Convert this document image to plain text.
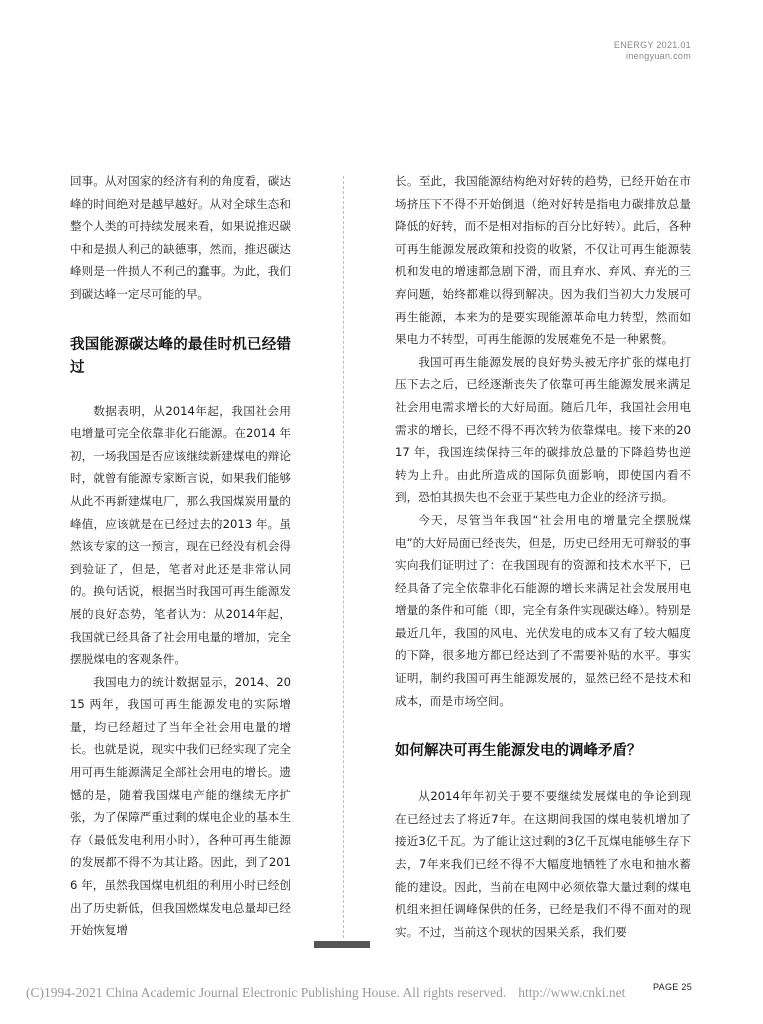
ENERGY 2021.01
inengyuan.com

回事。从对国家的经济有利的角度看，碳达峰的时间绝对是越早越好。从对全球生态和整个人类的可持续发展来看，如果说推迟碳中和是损人利己的缺德事，然而，推迟碳达峰则是一件损人不利己的蠢事。为此，我们到碳达峰一定尽可能的早。

我国能源碳达峰的最佳时机已经错过

数据表明，从2014年起，我国社会用电增量可完全依靠非化石能源。在2014 年初，一场我国是否应该继续新建煤电的辩论时，就曾有能源专家断言说，如果我们能够从此不再新建煤电厂，那么我国煤炭用量的峰值，应该就是在已经过去的2013 年。虽然该专家的这一预言，现在已经没有机会得到验证了，但是，笔者对此还是非常认同的。换句话说，根据当时我国可再生能源发展的良好态势，笔者认为：从2014年起，我国就已经具备了社会用电量的增加，完全摆脱煤电的客观条件。

我国电力的统计数据显示，2014、2015 两年，我国可再生能源发电的实际增量，均已经超过了当年全社会用电量的增长。也就是说，现实中我们已经实现了完全用可再生能源满足全部社会用电的增长。遗憾的是，随着我国煤电产能的继续无序扩张，为了保障严重过剩的煤电企业的基本生存（最低发电利用小时），各种可再生能源的发展都不得不为其让路。因此，到了2016 年，虽然我国煤电机组的利用小时已经创出了历史新低，但我国燃煤发电总量却已经开始恢复增

长。至此，我国能源结构绝对好转的趋势，已经开始在市场挤压下不得不开始倒退（绝对好转是指电力碳排放总量降低的好转，而不是相对指标的百分比好转）。此后，各种可再生能源发展政策和投资的收紧，不仅让可再生能源装机和发电的增速都急剧下滑，而且弃水、弃风、弃光的三弃问题，始终都难以得到解决。因为我们当初大力发展可再生能源，本来为的是要实现能源革命电力转型，然而如果电力不转型，可再生能源的发展难免不是一种累赘。

我国可再生能源发展的良好势头被无序扩张的煤电打压下去之后，已经逐渐丧失了依靠可再生能源发展来满足社会用电需求增长的大好局面。随后几年，我国社会用电需求的增长，已经不得不再次转为依靠煤电。接下来的2017 年，我国连续保持三年的碳排放总量的下降趋势也逆转为上升。由此所造成的国际负面影响，即使国内看不到，恐怕其损失也不会亚于某些电力企业的经济亏损。

今天，尽管当年我国“社会用电的增量完全摆脱煤电”的大好局面已经丧失，但是，历史已经用无可辩驳的事实向我们证明过了：在我国现有的资源和技术水平下，已经具备了完全依靠非化石能源的增长来满足社会发展用电增量的条件和可能（即，完全有条件实现碳达峰）。特别是最近几年，我国的风电、光伏发电的成本又有了较大幅度的下降，很多地方都已经达到了不需要补贴的水平。事实证明，制约我国可再生能源发展的，显然已经不是技术和成本，而是市场空间。

如何解决可再生能源发电的调峰矛盾？

从2014年年初关于要不要继续发展煤电的争论到现在已经过去了将近7年。在这期间我国的煤电装机增加了接近3亿千瓦。为了能让这过剩的3亿千瓦煤电能够生存下去，7年来我们已经不得不大幅度地牺牲了水电和抽水蓄能的建设。因此，当前在电网中必须依靠大量过剩的煤电机组来担任调峰保供的任务，已经是我们不得不面对的现实。不过，当前这个现状的因果关系，我们要

PAGE 25
(C)1994-2021 China Academic Journal Electronic Publishing House. All rights reserved. http://www.cnki.net
